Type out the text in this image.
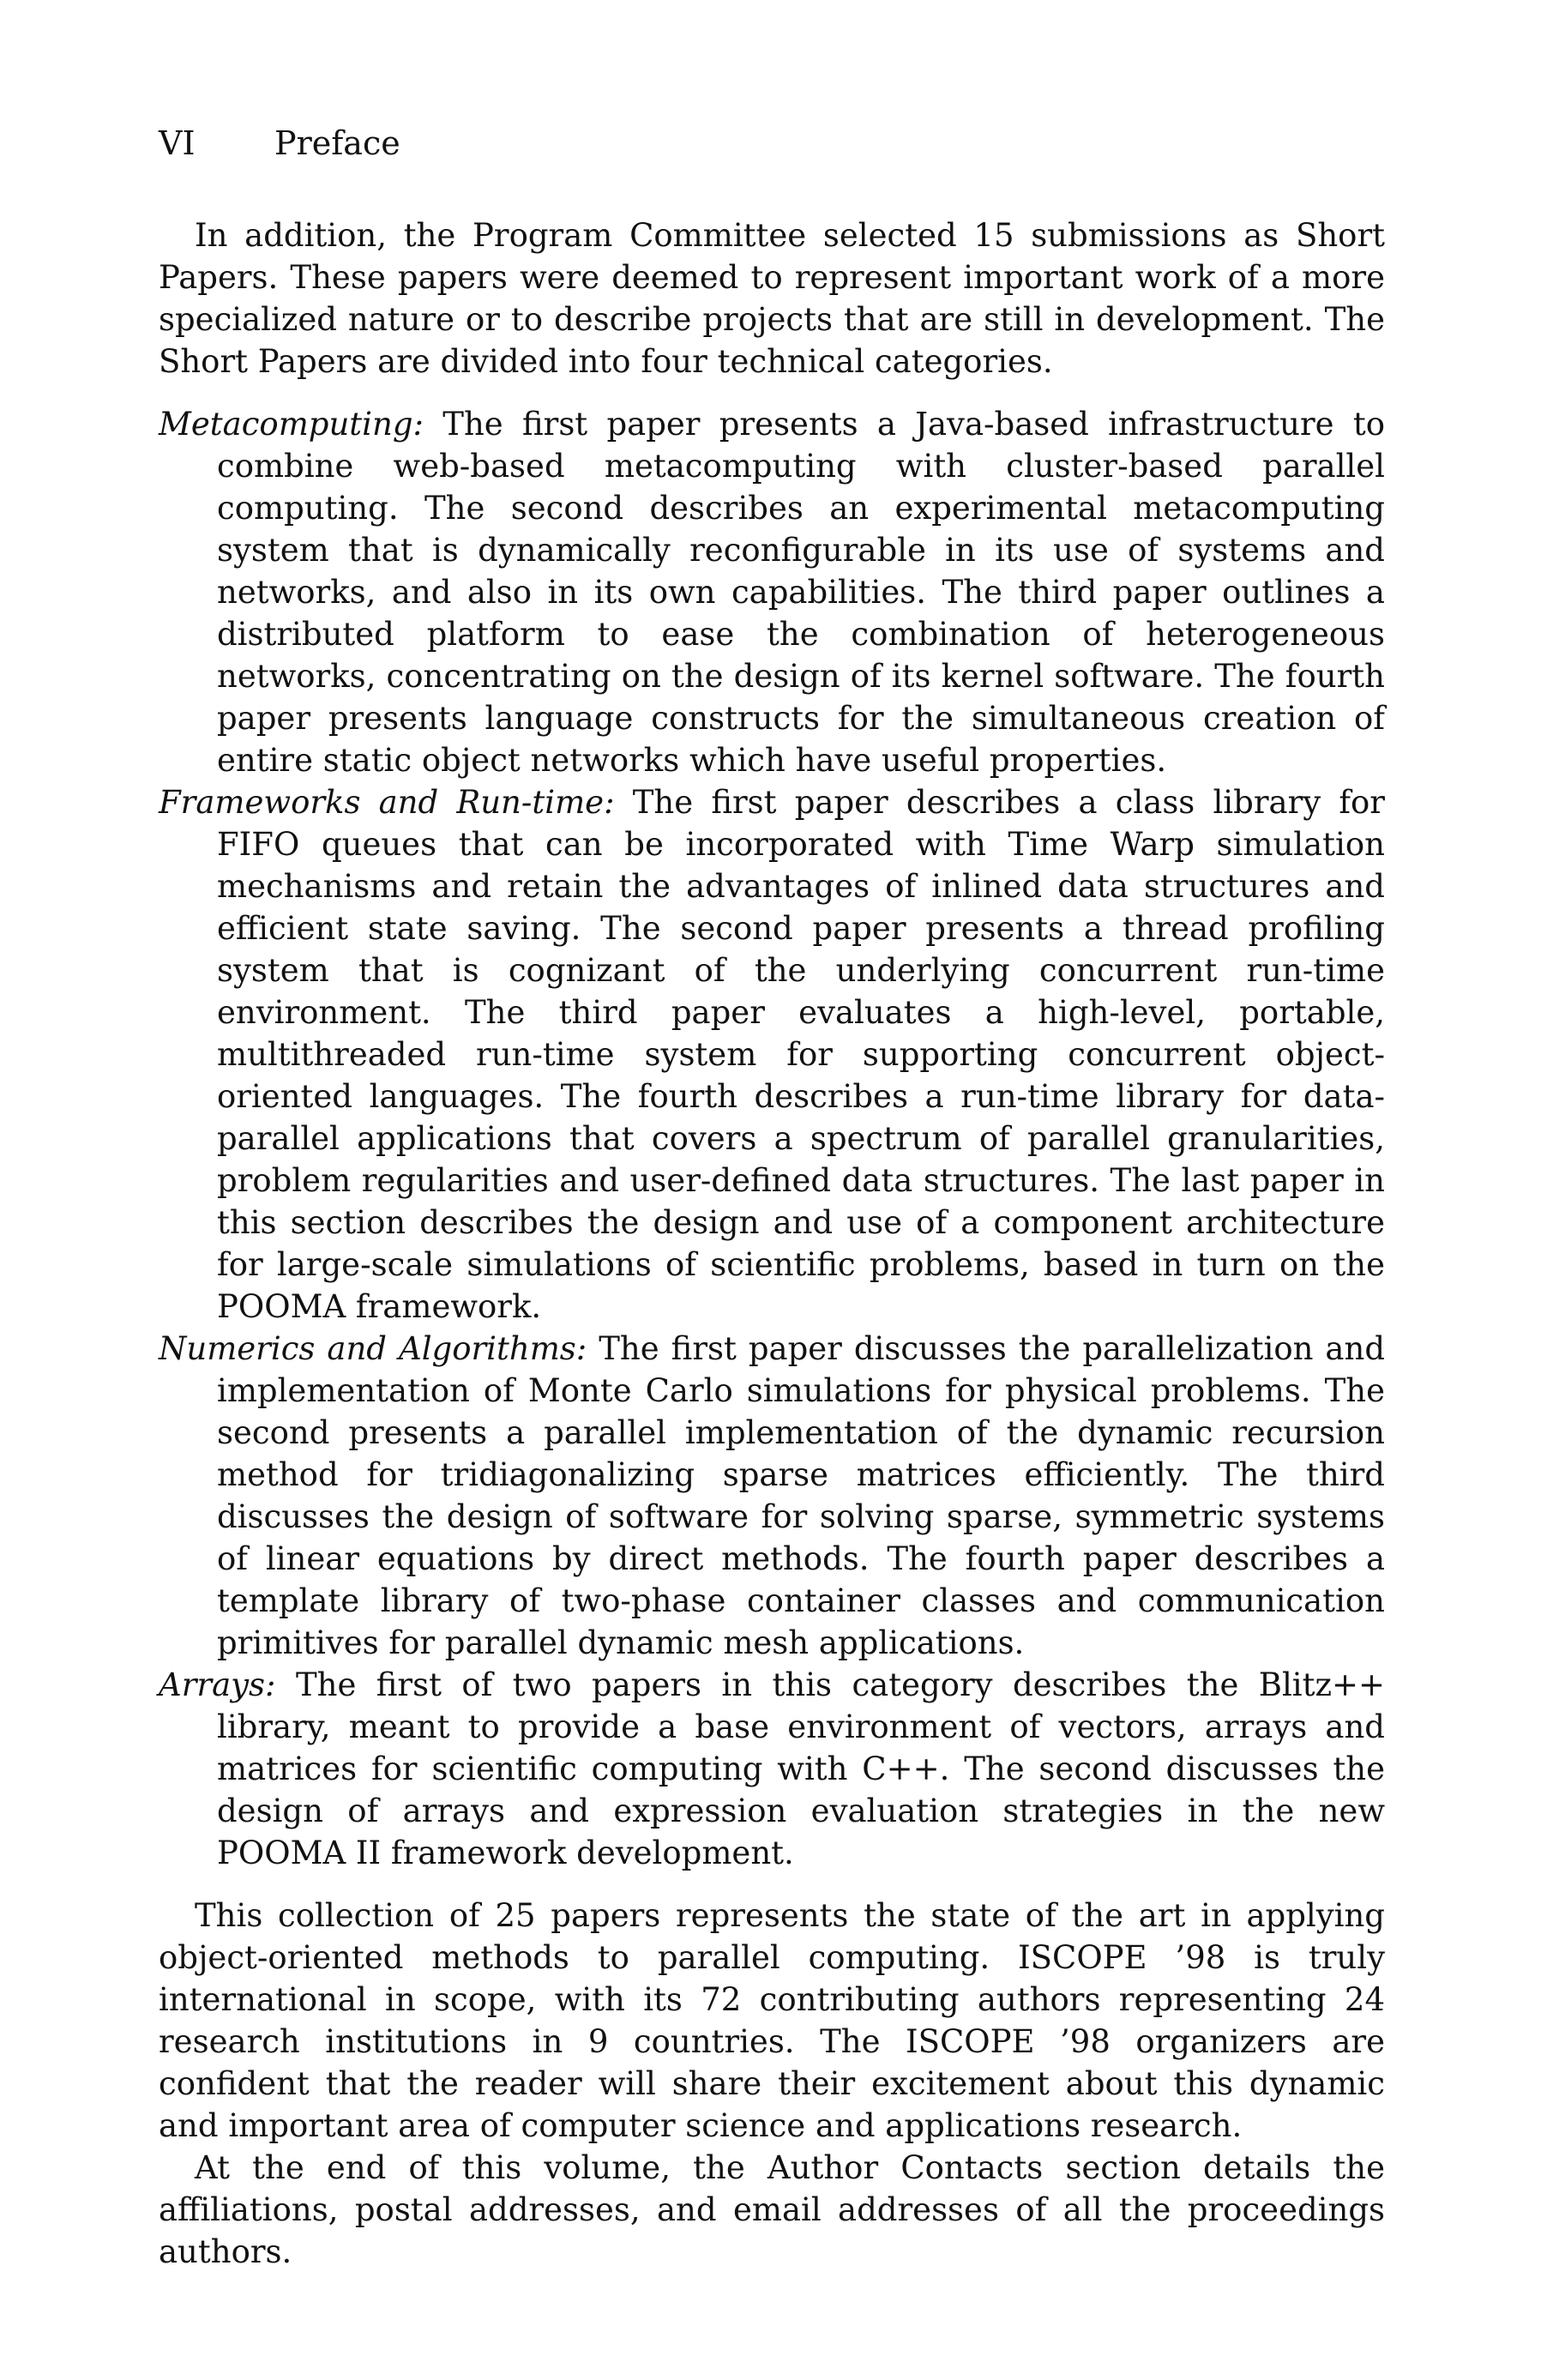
VI Preface

In addition, the Program Committee selected 15 submissions as Short Papers. These papers were deemed to represent important work of a more specialized nature or to describe projects that are still in development. The Short Papers are divided into four technical categories.

Metacomputing: The first paper presents a Java-based infrastructure to combine web-based metacomputing with cluster-based parallel computing. The second describes an experimental metacomputing system that is dynamically reconfigurable in its use of systems and networks, and also in its own capabilities. The third paper outlines a distributed platform to ease the combination of heterogeneous networks, concentrating on the design of its kernel software. The fourth paper presents language constructs for the simultaneous creation of entire static object networks which have useful properties.
Frameworks and Run-time: The first paper describes a class library for FIFO queues that can be incorporated with Time Warp simulation mechanisms and retain the advantages of inlined data structures and efficient state saving. The second paper presents a thread profiling system that is cognizant of the underlying concurrent run-time environment. The third paper evaluates a high-level, portable, multithreaded run-time system for supporting concurrent object-oriented languages. The fourth describes a run-time library for data-parallel applications that covers a spectrum of parallel granularities, problem regularities and user-defined data structures. The last paper in this section describes the design and use of a component architecture for large-scale simulations of scientific problems, based in turn on the POOMA framework.
Numerics and Algorithms: The first paper discusses the parallelization and implementation of Monte Carlo simulations for physical problems. The second presents a parallel implementation of the dynamic recursion method for tridiagonalizing sparse matrices efficiently. The third discusses the design of software for solving sparse, symmetric systems of linear equations by direct methods. The fourth paper describes a template library of two-phase container classes and communication primitives for parallel dynamic mesh applications.
Arrays: The first of two papers in this category describes the Blitz++ library, meant to provide a base environment of vectors, arrays and matrices for scientific computing with C++. The second discusses the design of arrays and expression evaluation strategies in the new POOMA II framework development.

This collection of 25 papers represents the state of the art in applying object-oriented methods to parallel computing. ISCOPE ’98 is truly international in scope, with its 72 contributing authors representing 24 research institutions in 9 countries. The ISCOPE ’98 organizers are confident that the reader will share their excitement about this dynamic and important area of computer science and applications research.

At the end of this volume, the Author Contacts section details the affiliations, postal addresses, and email addresses of all the proceedings authors.
